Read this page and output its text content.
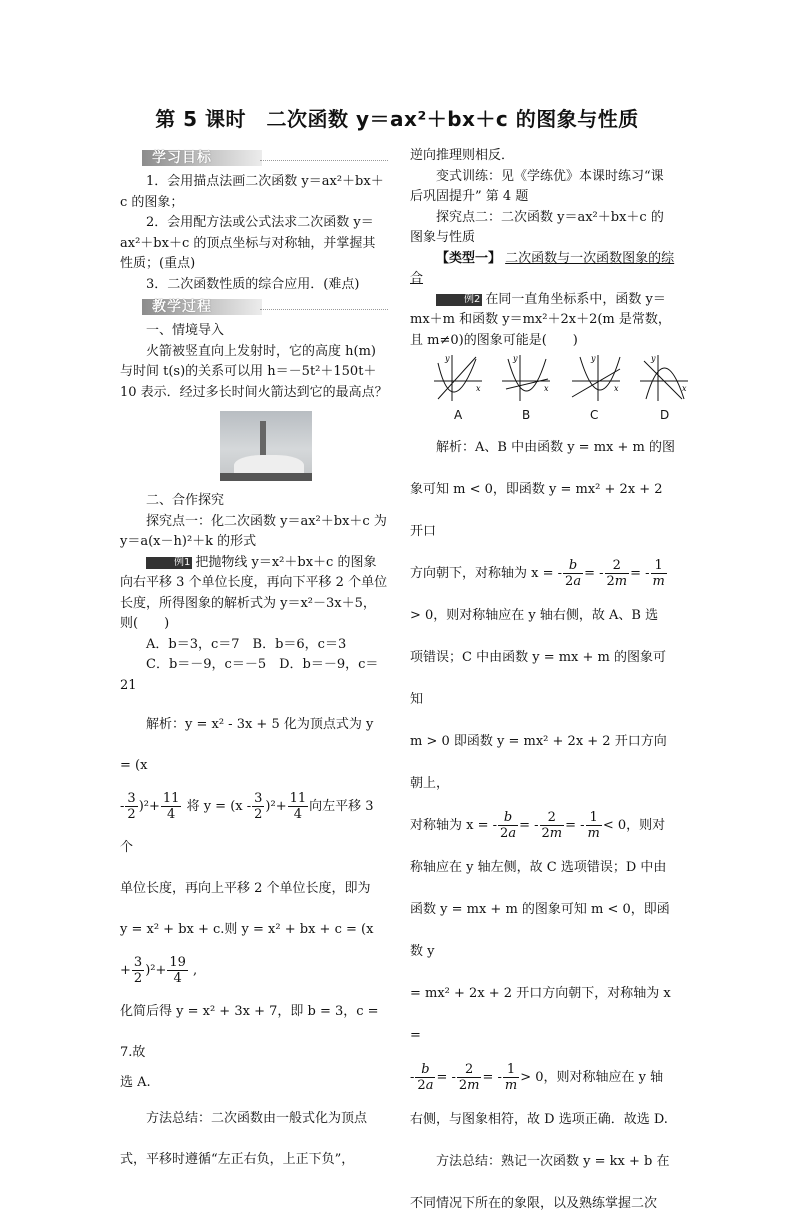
第 5 课时　二次函数 y＝ax²＋bx＋c 的图象与性质
学习目标

1．会用描点法画二次函数 y＝ax²＋bx＋c 的图象；

2．会用配方法或公式法求二次函数 y＝ax²＋bx＋c 的顶点坐标与对称轴，并掌握其性质；(重点)

3．二次函数性质的综合应用．(难点)

教学过程

一、情境导入

火箭被竖直向上发射时，它的高度 h(m)与时间 t(s)的关系可以用 h＝－5t²＋150t＋10 表示．经过多长时间火箭达到它的最高点？

二、合作探究

探究点一：化二次函数 y＝ax²＋bx＋c 为 y＝a(x－h)²＋k 的形式

例1 把抛物线 y＝x²＋bx＋c 的图象向右平移 3 个单位长度，再向下平移 2 个单位长度，所得图象的解析式为 y＝x²－3x＋5，则(　　)

A．b＝3，c＝7　B．b＝6，c＝3

C．b＝－9，c＝－5　D．b＝－9，c＝21

解析：y = x² - 3x + 5 化为顶点式为 y = (x

- $\frac{3}{2} )^2+ \frac{11}{4}$ 将 $y = (x - \frac{3}{2} )^2+ \frac{11}{4}$ 向左平移 3 个

单位长度，再向上平移 2 个单位长度，即为

y = x² + bx + c.则 y = x² + bx + $c = (x + \frac{3}{2} )^2+ \frac{19}{4}$ ,

化简后得 y = x² + 3x + 7，即 b = 3，c = 7.故

选 A.

方法总结：二次函数由一般式化为顶点式，平移时遵循“左正右负，上正下负”，

逆向推理则相反．

变式训练：见《学练优》本课时练习“课后巩固提升” 第 4 题

探究点二：二次函数 y＝ax²＋bx＋c 的图象与性质

【类型一】 二次函数与一次函数图象的综合

例2 在同一直角坐标系中，函数 y＝mx＋m 和函数 y＝mx²＋2x＋2(m 是常数，且 m≠0)的图象可能是(　　)

x
y
x
y
x
y
x
y
A	B	C	D

解析：A、B 中由函数 y = mx + m 的图

象可知 m < 0，即函数 y = mx² + 2x + 2 开口

方向朝下，对称轴为 x = - $\frac{b}{2a}$ = - $\frac{2}{2m}$ = - $\frac{1}{m}$

> 0，则对称轴应在 y 轴右侧，故 A、B 选

项错误；C 中由函数 y = mx + m 的图象可知

m > 0 即函数 y = mx² + 2x + 2 开口方向朝上，

对称轴为 x = - $\frac{b}{2a}$ = - $\frac{2}{2m}$ = - $\frac{1}{m} < 0$，则对

称轴应在 y 轴左侧，故 C 选项错误；D 中由

函数 y = mx + m 的图象可知 m < 0，即函数 y

= mx² + 2x + 2 开口方向朝下，对称轴为 x =

- $\frac{b}{2a}$ = - $\frac{2}{2m}$ = - $\frac{1}{m} > 0$，则对称轴应在 y 轴

右侧，与图象相符，故 D 选项正确．故选 D.

方法总结：熟记一次函数 y = kx + b 在

不同情况下所在的象限，以及熟练掌握二次
